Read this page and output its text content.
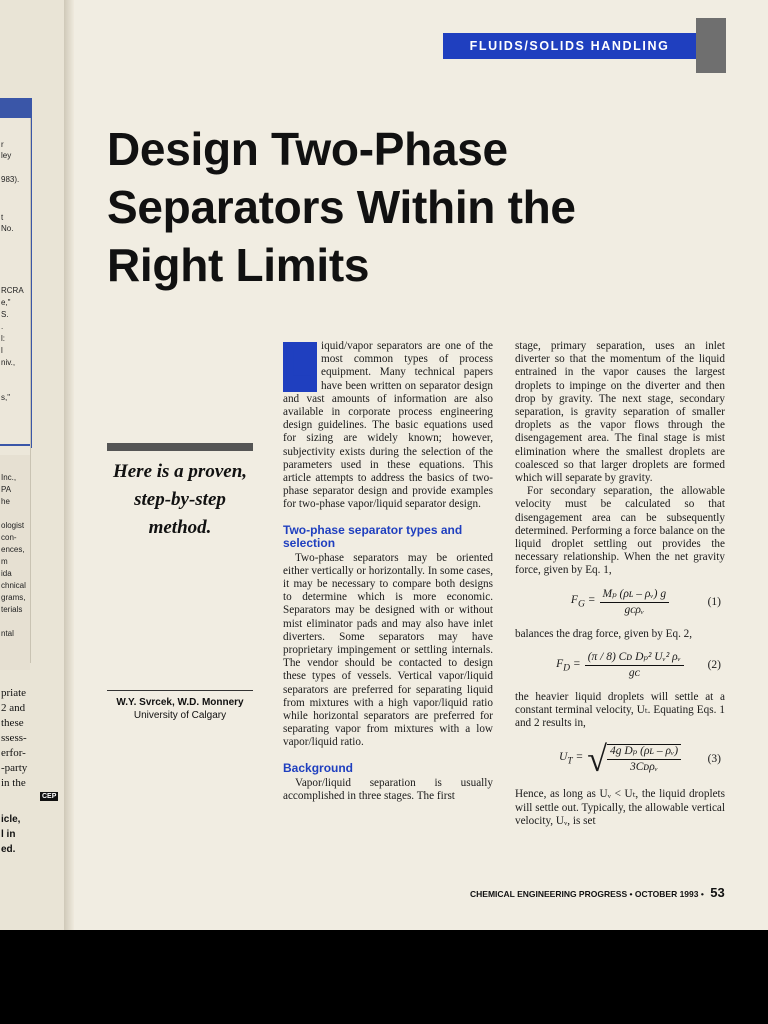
r
ley
983).
t
No.
RCRA
e,"
S.
.
l:
l
niv.,
s,"
Inc.,
PA
he
ologist
con-
ences,
m
ida
chnical
grams,
terials
ntal
priate
2 and
these
ssess-
erfor-
-party
in the
CEP
icle,
l in
ed.
FLUIDS/SOLIDS HANDLING
Design Two-Phase Separators Within the Right Limits
Here is a proven, step-by-step method.
W.Y. Svrcek, W.D. Monnery
University of Calgary

L iquid/vapor separators are one of the most common types of process equipment. Many technical papers have been written on separator design and vast amounts of information are also available in corporate process engineering design guidelines. The basic equations used for sizing are widely known; however, subjectivity exists during the selection of the parameters used in these equations. This article attempts to address the basics of two-phase separator design and provide examples for two-phase vapor/liquid separator design.

Two-phase separator types and selection

Two-phase separators may be oriented either vertically or horizontally. In some cases, it may be necessary to compare both designs to determine which is more economic. Separators may be designed with or without mist eliminator pads and may also have inlet diverters. Some separators may have proprietary impingement or settling internals. The vendor should be contacted to design these types of vessels. Vertical vapor/liquid separators are preferred for separating liquid from mixtures with a high vapor/liquid ratio while horizontal separators are preferred for separating vapor from mixtures with a low vapor/liquid ratio.

Background

Vapor/liquid separation is usually accomplished in three stages. The first

stage, primary separation, uses an inlet diverter so that the momentum of the liquid entrained in the vapor causes the largest droplets to impinge on the diverter and then drop by gravity. The next stage, secondary separation, is gravity separation of smaller droplets as the vapor flows through the disengagement area. The final stage is mist elimination where the smallest droplets are coalesced so that larger droplets are formed which will separate by gravity.

For secondary separation, the allowable velocity must be calculated so that disengagement area can be subsequently determined. Performing a force balance on the liquid droplet settling out provides the necessary relationship. When the net gravity force, given by Eq. 1,

$F_G = \frac{\text{Mₚ (ρʟ – ρᵥ) g}}{\text{gᴄρᵥ}}$	(1)

balances the drag force, given by Eq. 2,

$F_D = \frac{\text{(π / 8) Cᴅ Dₚ² Uᵥ² ρᵥ}}{\text{gᴄ}} (2)$

the heavier liquid droplets will settle at a constant terminal velocity, Uₜ. Equating Eqs. 1 and 2 results in,

$U_T$ = √ $\frac{\text{4g Dₚ (ρʟ – ρᵥ)}}{\text{3Cᴅρᵥ}} (3)$

Hence, as long as Uᵥ < Uₜ, the liquid droplets will settle out. Typically, the allowable vertical velocity, Uᵥ, is set

CHEMICAL ENGINEERING PROGRESS • OCTOBER 1993 • 53
